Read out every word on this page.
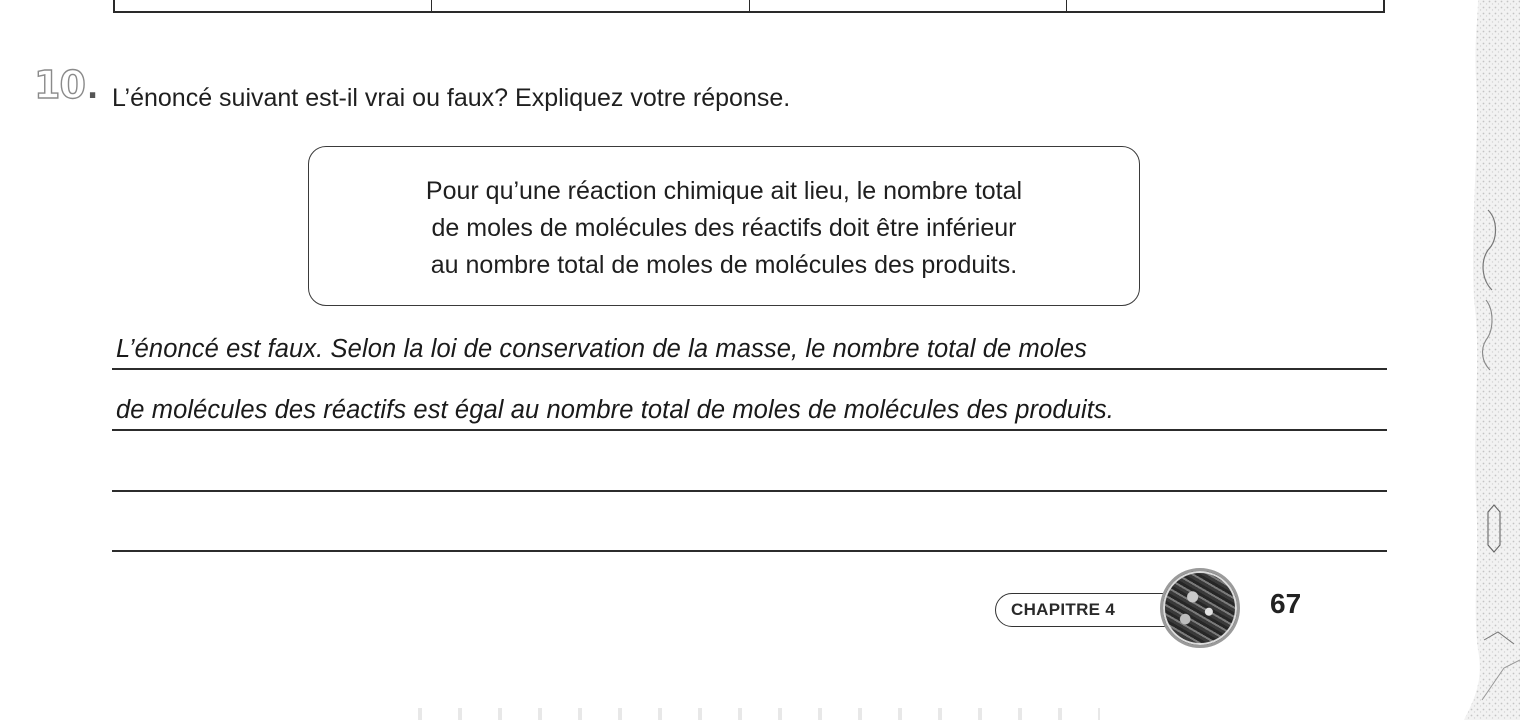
10. L’énoncé suivant est-il vrai ou faux? Expliquez votre réponse.
Pour qu’une réaction chimique ait lieu, le nombre total
de moles de molécules des réactifs doit être inférieur
au nombre total de moles de molécules des produits.
L’énoncé est faux. Selon la loi de conservation de la masse, le nombre total de moles
de molécules des réactifs est égal au nombre total de moles de molécules des produits.
CHAPITRE 4	67
